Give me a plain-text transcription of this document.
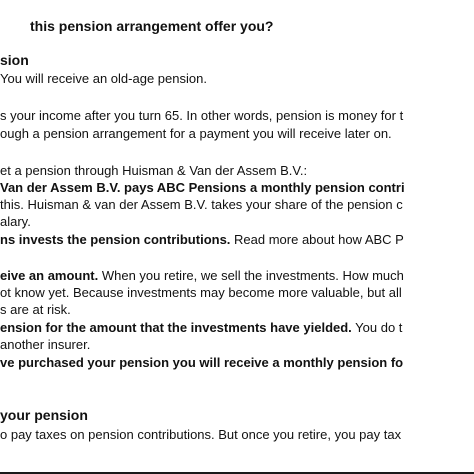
this pension arrangement offer you?
sion
You will receive an old-age pension.
s your income after you turn 65. In other words, pension is money for t
ough a pension arrangement for a payment you will receive later on.
et a pension through Huisman & Van der Assem B.V.:
Van der Assem B.V. pays ABC Pensions a monthly pension contri
this. Huisman & van der Assem B.V. takes your share of the pension c
alary.
ns invests the pension contributions. Read more about how ABC P
eive an amount. When you retire, we sell the investments. How much
ot know yet. Because investments may become more valuable, but all
s are at risk.
ension for the amount that the investments have yielded. You do t
another insurer.
ve purchased your pension you will receive a monthly pension fo
your pension
o pay taxes on pension contributions. But once you retire, you pay tax
